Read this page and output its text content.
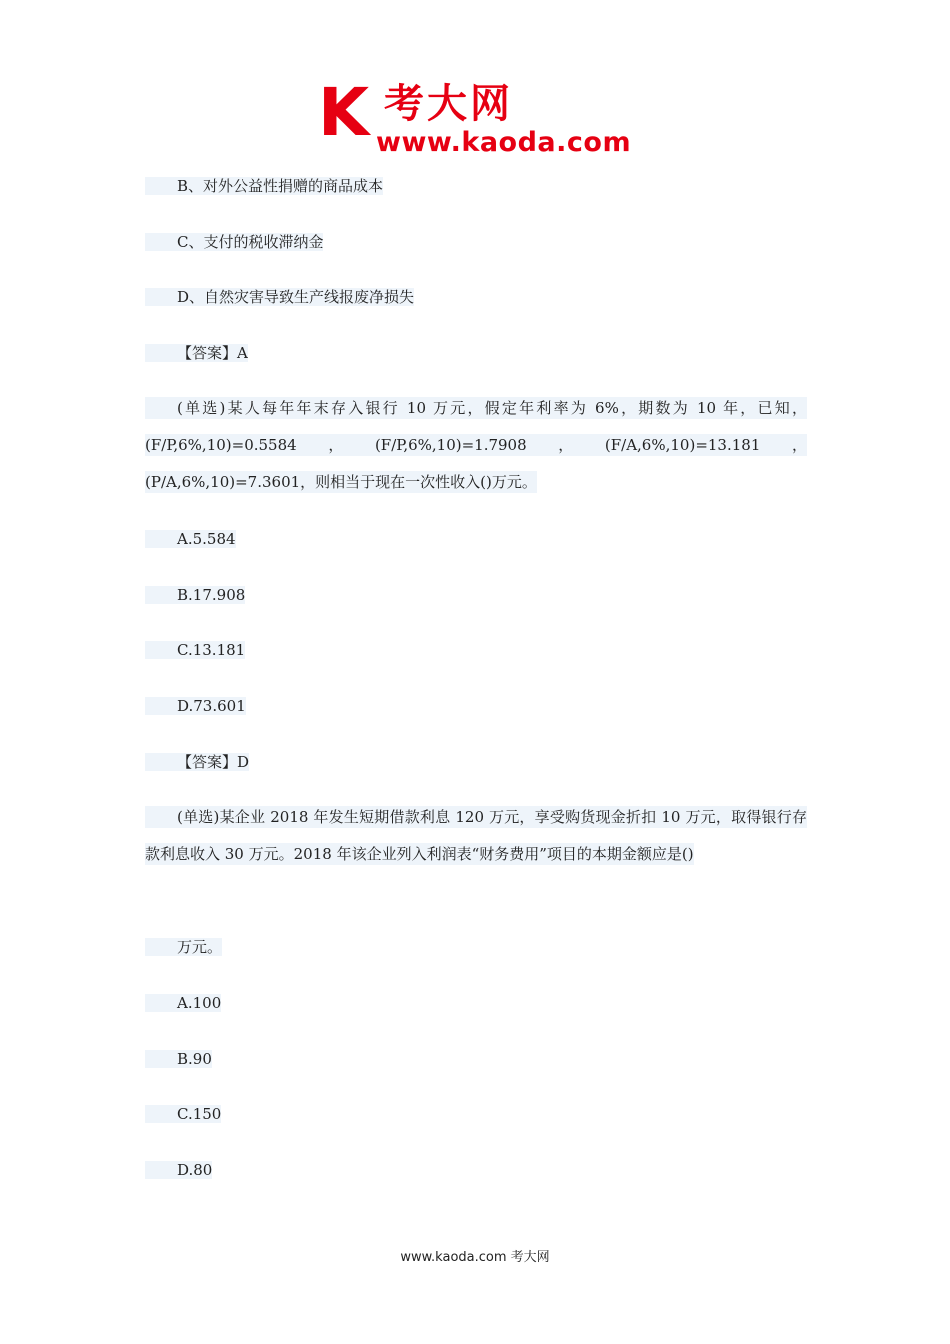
K 考大网
www.kaoda.com
B、对外公益性捐赠的商品成本
C、支付的税收滞纳金
D、自然灾害导致生产线报废净损失
【答案】A
(单选)某人每年年末存入银行 10 万元，假定年利率为 6%，期数为 10 年，已知，(F/P,6%,10)=0.5584，(F/P,6%,10)=1.7908，(F/A,6%,10)=13.181，(P/A,6%,10)=7.3601，则相当于现在一次性收入()万元。
A.5.584
B.17.908
C.13.181
D.73.601
【答案】D
(单选)某企业 2018 年发生短期借款利息 120 万元，享受购货现金折扣 10 万元，取得银行存款利息收入 30 万元。2018 年该企业列入利润表“财务费用”项目的本期金额应是()
万元。
A.100
B.90
C.150
D.80
www.kaoda.com 考大网
